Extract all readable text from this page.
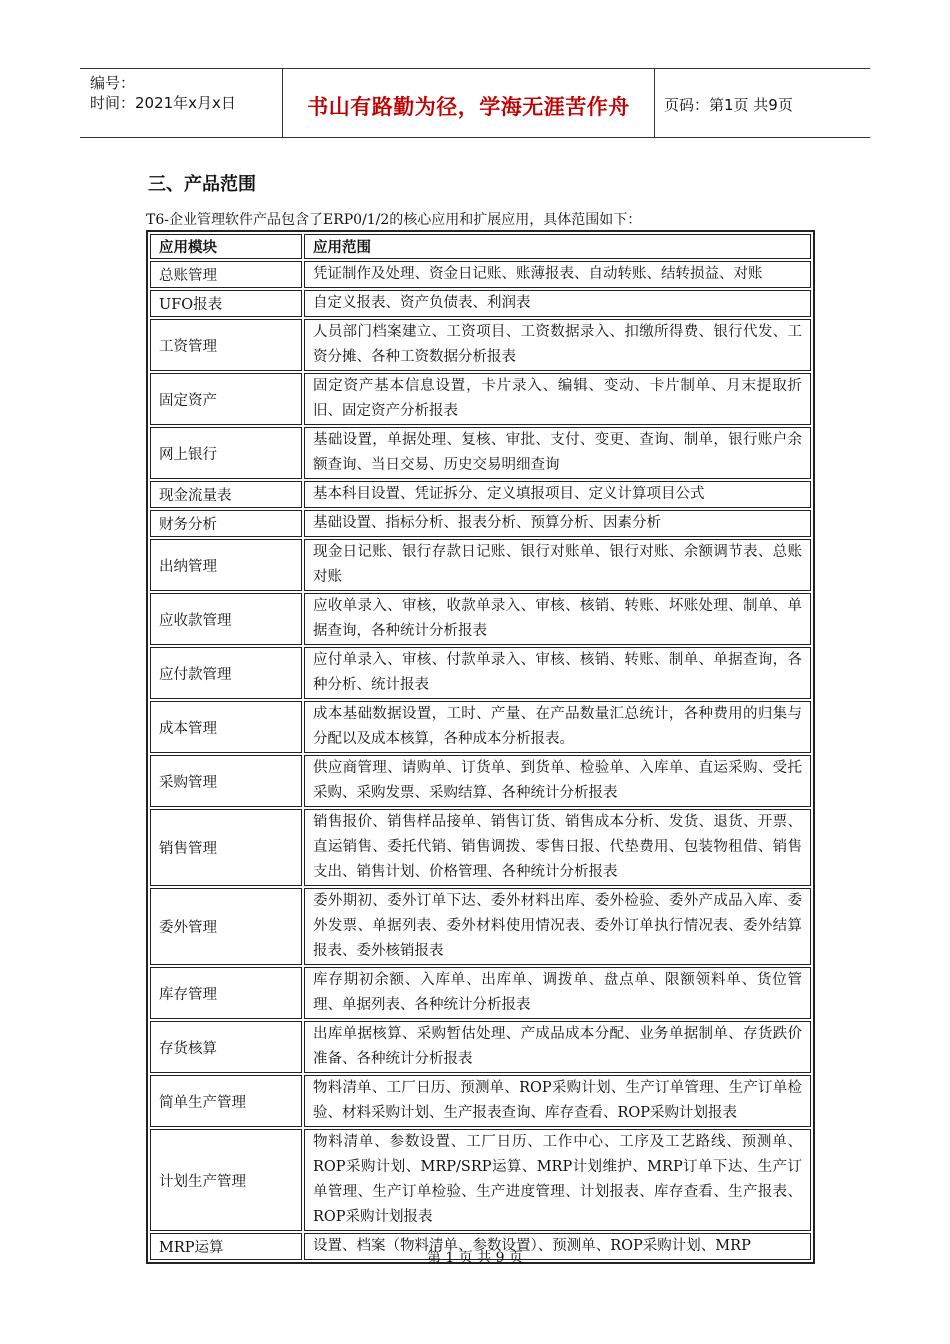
编号：
时间：2021年x月x日	书山有路勤为径，学海无涯苦作舟	页码：第1页 共9页
三、产品范围
T6-企业管理软件产品包含了ERP0/1/2的核心应用和扩展应用，具体范围如下：
应用模块	应用范围
总账管理	凭证制作及处理、资金日记账、账薄报表、自动转账、结转损益、对账
UFO报表	自定义报表、资产负债表、利润表
工资管理	人员部门档案建立、工资项目、工资数据录入、扣缴所得费、银行代发、工资分摊、各种工资数据分析报表
固定资产	固定资产基本信息设置，卡片录入、编辑、变动、卡片制单、月末提取折旧、固定资产分析报表
网上银行	基础设置，单据处理、复核、审批、支付、变更、查询、制单，银行账户余额查询、当日交易、历史交易明细查询
现金流量表	基本科目设置、凭证拆分、定义填报项目、定义计算项目公式
财务分析	基础设置、指标分析、报表分析、预算分析、因素分析
出纳管理	现金日记账、银行存款日记账、银行对账单、银行对账、余额调节表、总账对账
应收款管理	应收单录入、审核，收款单录入、审核、核销、转账、坏账处理、制单、单据查询，各种统计分析报表
应付款管理	应付单录入、审核、付款单录入、审核、核销、转账、制单、单据查询，各种分析、统计报表
成本管理	成本基础数据设置，工时、产量、在产品数量汇总统计，各种费用的归集与分配以及成本核算，各种成本分析报表。
采购管理	供应商管理、请购单、订货单、到货单、检验单、入库单、直运采购、受托采购、采购发票、采购结算、各种统计分析报表
销售管理	销售报价、销售样品接单、销售订货、销售成本分析、发货、退货、开票、直运销售、委托代销、销售调拨、零售日报、代垫费用、包装物租借、销售支出、销售计划、价格管理、各种统计分析报表
委外管理	委外期初、委外订单下达、委外材料出库、委外检验、委外产成品入库、委外发票、单据列表、委外材料使用情况表、委外订单执行情况表、委外结算报表、委外核销报表
库存管理	库存期初余额、入库单、出库单、调拨单、盘点单、限额领料单、货位管理、单据列表、各种统计分析报表
存货核算	出库单据核算、采购暂估处理、产成品成本分配、业务单据制单、存货跌价准备、各种统计分析报表
简单生产管理	物料清单、工厂日历、预测单、ROP采购计划、生产订单管理、生产订单检验、材料采购计划、生产报表查询、库存查看、ROP采购计划报表
计划生产管理	物料清单、参数设置、工厂日历、工作中心、工序及工艺路线、预测单、ROP采购计划、MRP/SRP运算、MRP计划维护、MRP订单下达、生产订单管理、生产订单检验、生产进度管理、计划报表、库存查看、生产报表、ROP采购计划报表
MRP运算	设置、档案（物料清单、参数设置）、预测单、ROP采购计划、MRP
第 1 页 共 9 页
